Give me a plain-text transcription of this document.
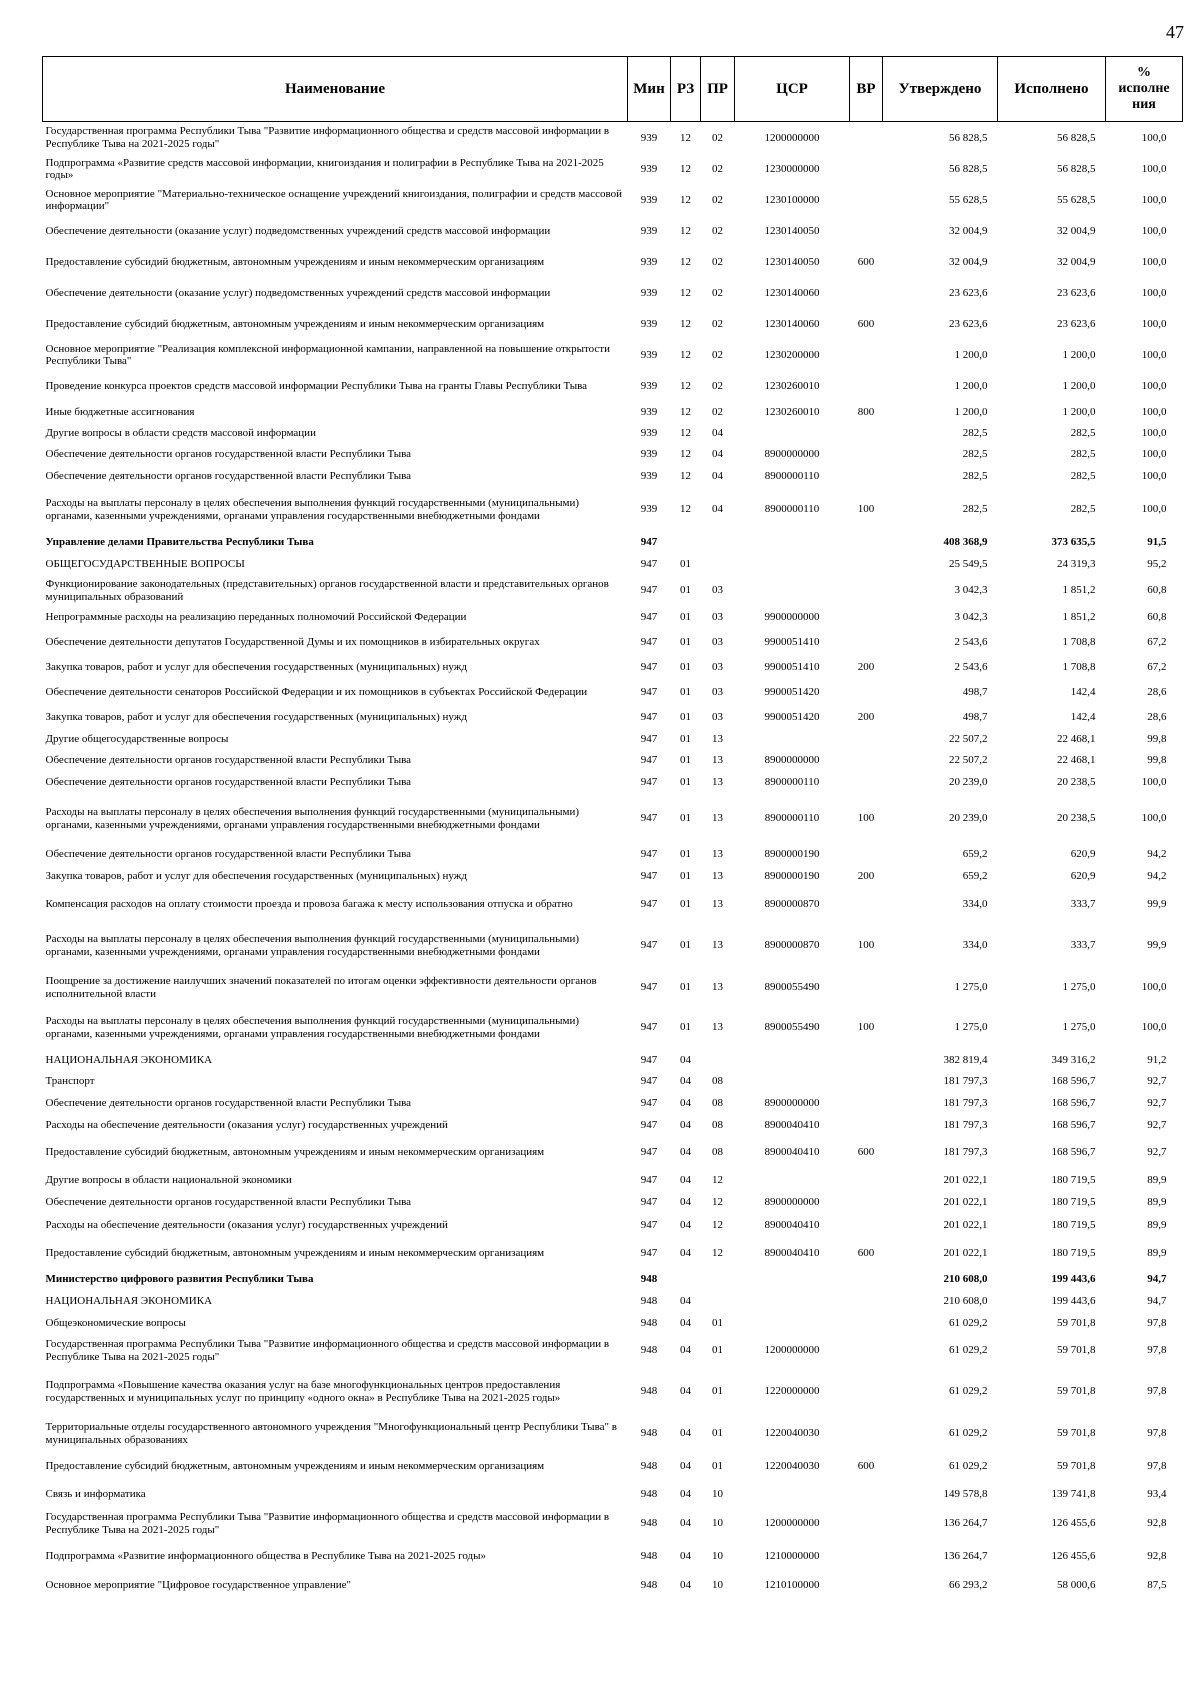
47
Наименование	Мин	РЗ	ПР	ЦСР	ВР	Утверждено	Исполнено	%
исполне ния

Государственная программа Республики Тыва "Развитие информационного общества и средств массовой информации в Республике Тыва на 2021-2025 годы"	939	12	02	1200000000		56 828,5	56 828,5	100,0
Подпрограмма «Развитие средств массовой информации, книгоиздания и полиграфии в Республике Тыва на 2021-2025 годы»	939	12	02	1230000000		56 828,5	56 828,5	100,0
Основное мероприятие "Материально-техническое оснащение учреждений книгоиздания, полиграфии и средств массовой информации"	939	12	02	1230100000		55 628,5	55 628,5	100,0
Обеспечение деятельности (оказание услуг) подведомственных учреждений средств массовой информации	939	12	02	1230140050		32 004,9	32 004,9	100,0
Предоставление субсидий бюджетным, автономным учреждениям и иным некоммерческим организациям	939	12	02	1230140050	600	32 004,9	32 004,9	100,0
Обеспечение деятельности (оказание услуг) подведомственных учреждений средств массовой информации	939	12	02	1230140060		23 623,6	23 623,6	100,0
Предоставление субсидий бюджетным, автономным учреждениям и иным некоммерческим организациям	939	12	02	1230140060	600	23 623,6	23 623,6	100,0
Основное мероприятие "Реализация комплексной информационной кампании, направленной на повышение открытости Республики Тыва"	939	12	02	1230200000		1 200,0	1 200,0	100,0
Проведение конкурса проектов средств массовой информации Республики Тыва на гранты Главы Республики Тыва	939	12	02	1230260010		1 200,0	1 200,0	100,0
Иные бюджетные ассигнования	939	12	02	1230260010	800	1 200,0	1 200,0	100,0
Другие вопросы в области средств массовой информации	939	12	04			282,5	282,5	100,0
Обеспечение деятельности органов государственной власти Республики Тыва	939	12	04	8900000000		282,5	282,5	100,0
Обеспечение деятельности органов государственной власти Республики Тыва	939	12	04	8900000110		282,5	282,5	100,0
Расходы на выплаты персоналу в целях обеспечения выполнения функций государственными (муниципальными) органами, казенными учреждениями, органами управления государственными внебюджетными фондами	939	12	04	8900000110	100	282,5	282,5	100,0
Управление делами Правительства Республики Тыва	947					408 368,9	373 635,5	91,5
ОБЩЕГОСУДАРСТВЕННЫЕ ВОПРОСЫ	947	01				25 549,5	24 319,3	95,2
Функционирование законодательных (представительных) органов государственной власти и представительных органов муниципальных образований	947	01	03			3 042,3	1 851,2	60,8
Непрограммные расходы на реализацию переданных полномочий Российской Федерации	947	01	03	9900000000		3 042,3	1 851,2	60,8
Обеспечение деятельности депутатов Государственной Думы и их помощников в избирательных округах	947	01	03	9900051410		2 543,6	1 708,8	67,2
Закупка товаров, работ и услуг для обеспечения государственных (муниципальных) нужд	947	01	03	9900051410	200	2 543,6	1 708,8	67,2
Обеспечение деятельности сенаторов Российской Федерации и их помощников в субъектах Российской Федерации	947	01	03	9900051420		498,7	142,4	28,6
Закупка товаров, работ и услуг для обеспечения государственных (муниципальных) нужд	947	01	03	9900051420	200	498,7	142,4	28,6
Другие общегосударственные вопросы	947	01	13			22 507,2	22 468,1	99,8
Обеспечение деятельности органов государственной власти Республики Тыва	947	01	13	8900000000		22 507,2	22 468,1	99,8
Обеспечение деятельности органов государственной власти Республики Тыва	947	01	13	8900000110		20 239,0	20 238,5	100,0
Расходы на выплаты персоналу в целях обеспечения выполнения функций государственными (муниципальными) органами, казенными учреждениями, органами управления государственными внебюджетными фондами	947	01	13	8900000110	100	20 239,0	20 238,5	100,0
Обеспечение деятельности органов государственной власти Республики Тыва	947	01	13	8900000190		659,2	620,9	94,2
Закупка товаров, работ и услуг для обеспечения государственных (муниципальных) нужд	947	01	13	8900000190	200	659,2	620,9	94,2
Компенсация расходов на оплату стоимости проезда и провоза багажа к месту использования отпуска и обратно	947	01	13	8900000870		334,0	333,7	99,9
Расходы на выплаты персоналу в целях обеспечения выполнения функций государственными (муниципальными) органами, казенными учреждениями, органами управления государственными внебюджетными фондами	947	01	13	8900000870	100	334,0	333,7	99,9
Поощрение за достижение наилучших значений показателей по итогам оценки эффективности деятельности органов исполнительной власти	947	01	13	8900055490		1 275,0	1 275,0	100,0
Расходы на выплаты персоналу в целях обеспечения выполнения функций государственными (муниципальными) органами, казенными учреждениями, органами управления государственными внебюджетными фондами	947	01	13	8900055490	100	1 275,0	1 275,0	100,0
НАЦИОНАЛЬНАЯ ЭКОНОМИКА	947	04				382 819,4	349 316,2	91,2
Транспорт	947	04	08			181 797,3	168 596,7	92,7
Обеспечение деятельности органов государственной власти Республики Тыва	947	04	08	8900000000		181 797,3	168 596,7	92,7
Расходы на обеспечение деятельности (оказания услуг) государственных учреждений	947	04	08	8900040410		181 797,3	168 596,7	92,7
Предоставление субсидий бюджетным, автономным учреждениям и иным некоммерческим организациям	947	04	08	8900040410	600	181 797,3	168 596,7	92,7
Другие вопросы в области национальной экономики	947	04	12			201 022,1	180 719,5	89,9
Обеспечение деятельности органов государственной власти Республики Тыва	947	04	12	8900000000		201 022,1	180 719,5	89,9
Расходы на обеспечение деятельности (оказания услуг) государственных учреждений	947	04	12	8900040410		201 022,1	180 719,5	89,9
Предоставление субсидий бюджетным, автономным учреждениям и иным некоммерческим организациям	947	04	12	8900040410	600	201 022,1	180 719,5	89,9
Министерство цифрового развития Республики Тыва	948					210 608,0	199 443,6	94,7
НАЦИОНАЛЬНАЯ ЭКОНОМИКА	948	04				210 608,0	199 443,6	94,7
Общеэкономические вопросы	948	04	01			61 029,2	59 701,8	97,8
Государственная программа Республики Тыва "Развитие информационного общества и средств массовой информации в Республике Тыва на 2021-2025 годы"	948	04	01	1200000000		61 029,2	59 701,8	97,8
Подпрограмма «Повышение качества оказания услуг на базе многофункциональных центров предоставления государственных и муниципальных услуг по принципу «одного окна» в Республике Тыва на 2021-2025 годы»	948	04	01	1220000000		61 029,2	59 701,8	97,8
Территориальные отделы государственного автономного учреждения "Многофункциональный центр Республики Тыва" в муниципальных образованиях	948	04	01	1220040030		61 029,2	59 701,8	97,8
Предоставление субсидий бюджетным, автономным учреждениям и иным некоммерческим организациям	948	04	01	1220040030	600	61 029,2	59 701,8	97,8
Связь и информатика	948	04	10			149 578,8	139 741,8	93,4
Государственная программа Республики Тыва "Развитие информационного общества и средств массовой информации в Республике Тыва на 2021-2025 годы"	948	04	10	1200000000		136 264,7	126 455,6	92,8
Подпрограмма «Развитие информационного общества в Республике Тыва на 2021-2025 годы»	948	04	10	1210000000		136 264,7	126 455,6	92,8
Основное мероприятие "Цифровое государственное управление"	948	04	10	1210100000		66 293,2	58 000,6	87,5
